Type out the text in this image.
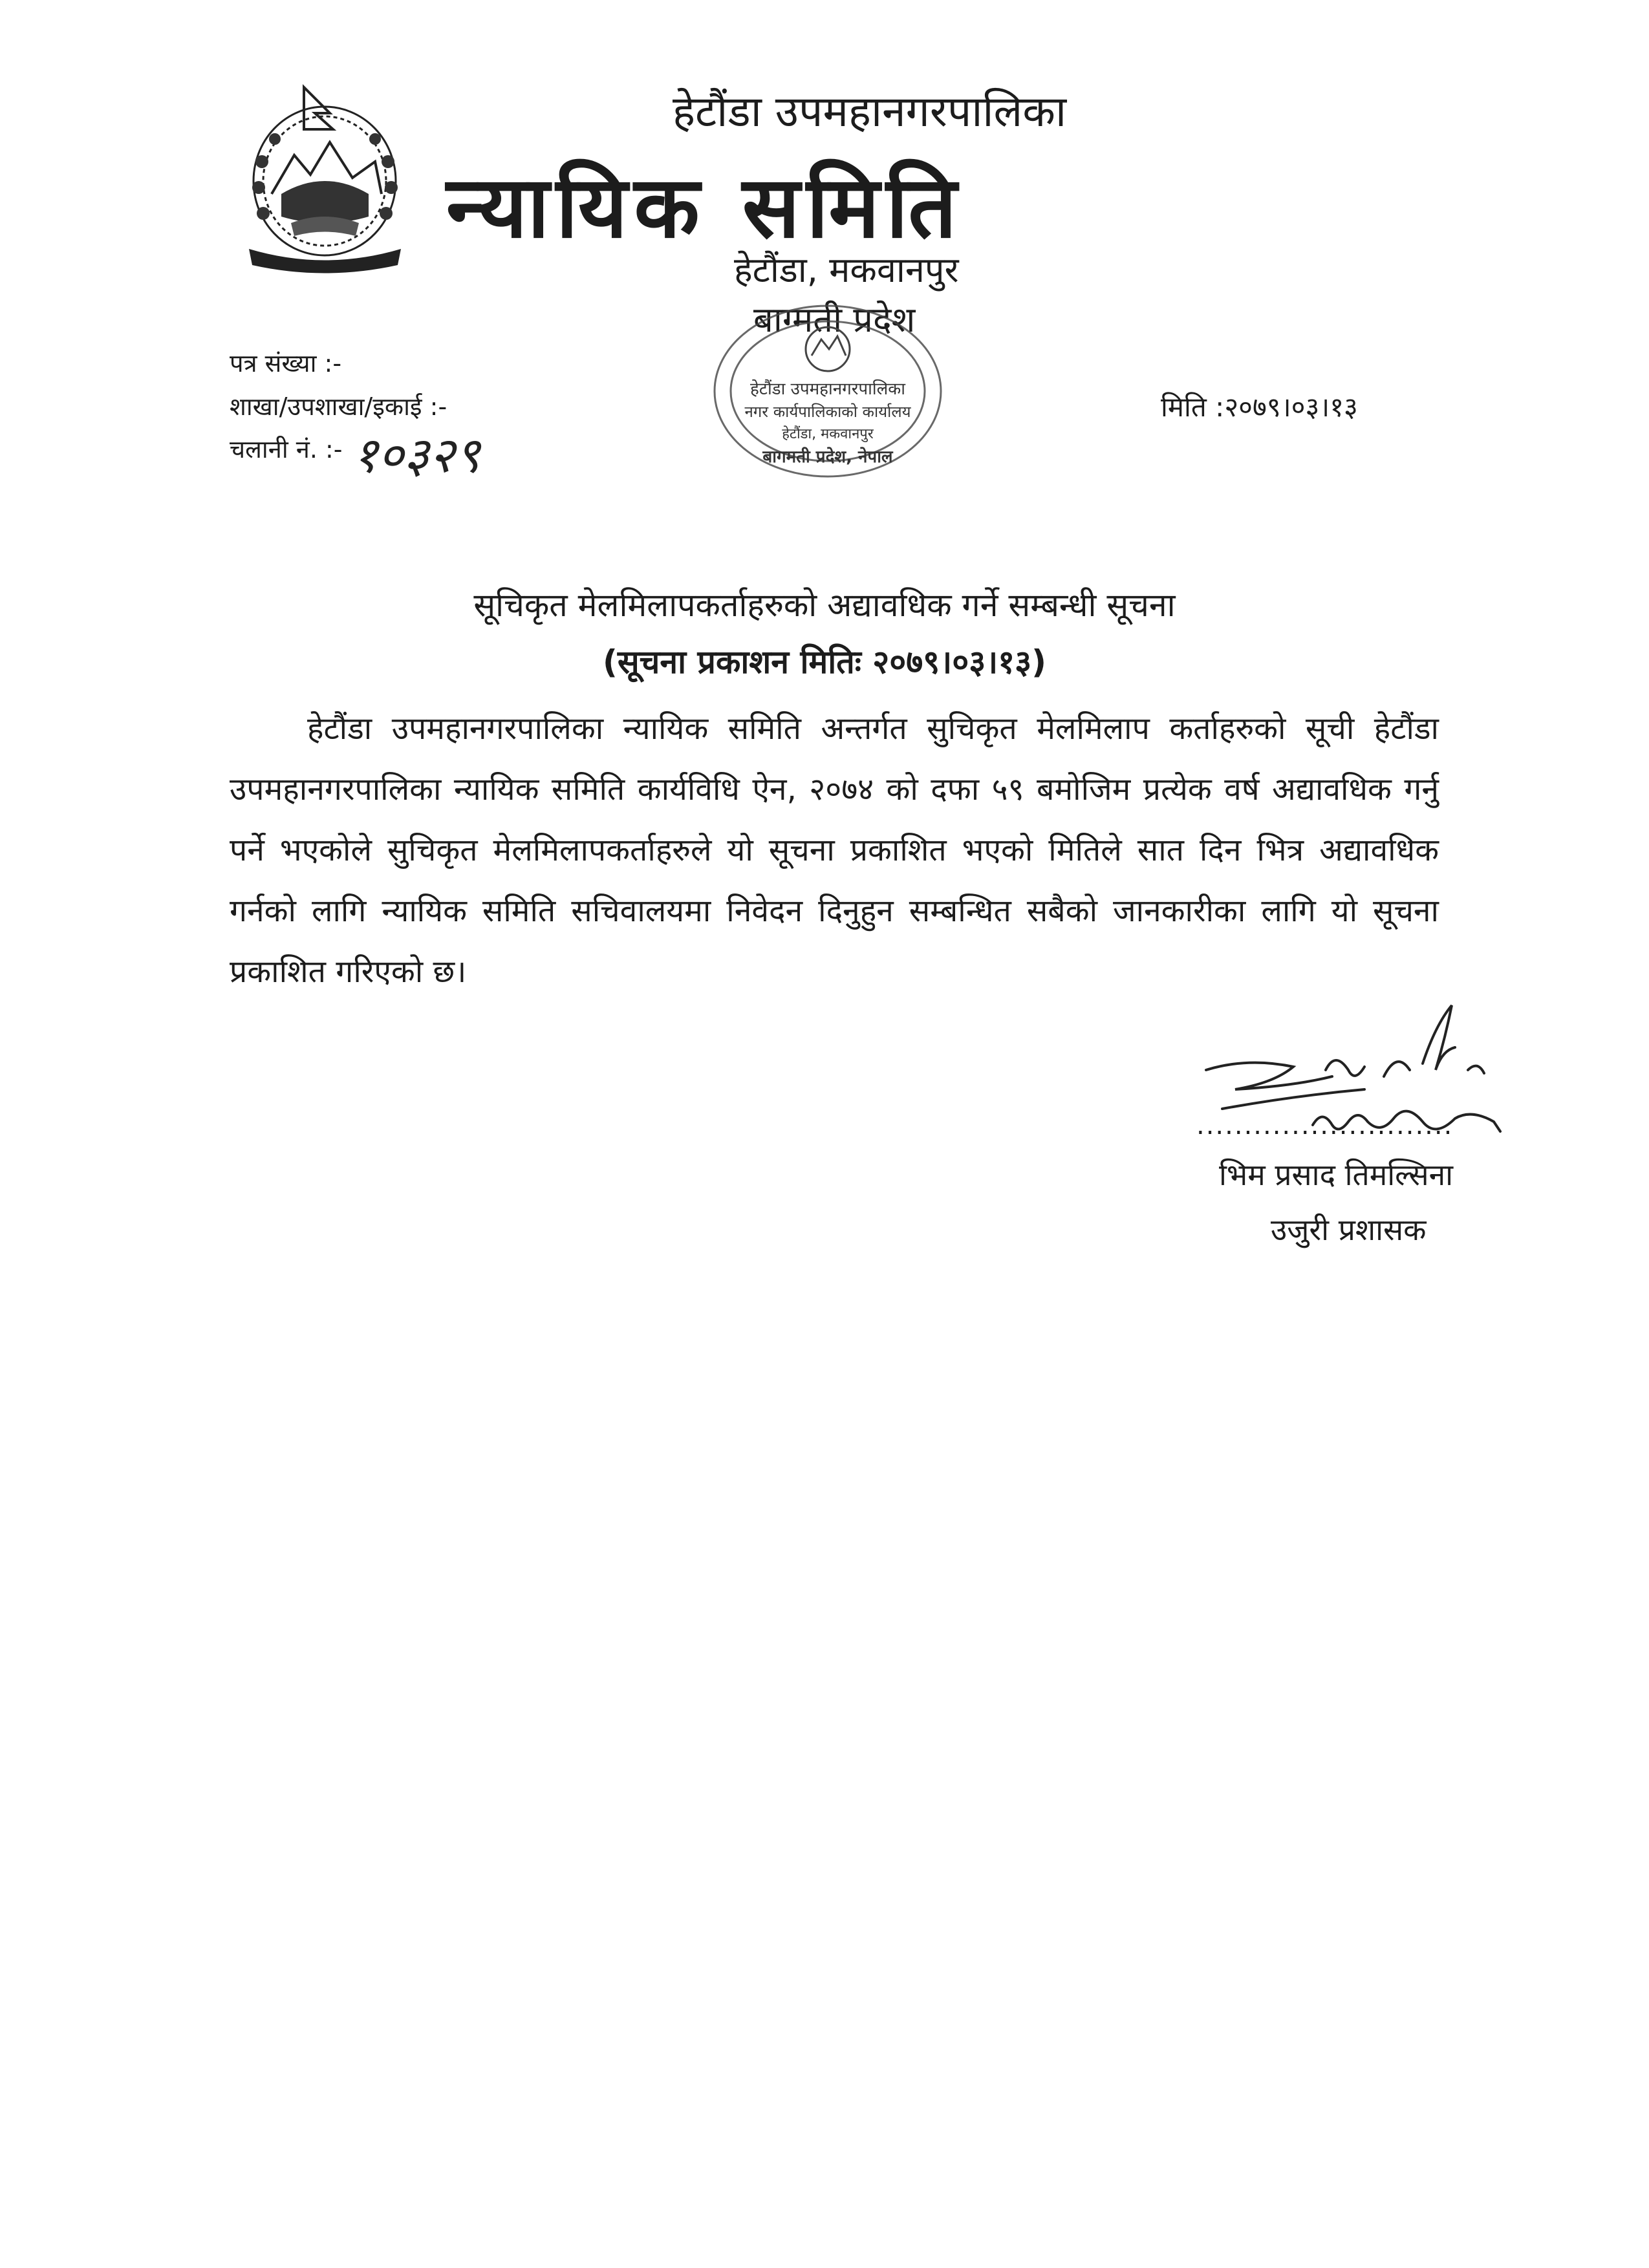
हेटौंडा उपमहानगरपालिका
न्यायिक समिति
हेटौंडा, मकवानपुर
बाग्मती प्रदेश
हेटौंडा उपमहानगरपालिका
नगर कार्यपालिकाको कार्यालय
हेटौंडा, मकवानपुर
बागमती प्रदेश, नेपाल
पत्र संख्या :-
शाखा/उपशाखा/इकाई :-
चलानी नं. :- १०३२९
मिति :२०७९।०३।१३
सूचिकृत मेलमिलापकर्ताहरुको अद्यावधिक गर्ने सम्बन्धी सूचना
(सूचना प्रकाशन मितिः २०७९।०३।१३)
हेटौंडा उपमहानगरपालिका न्यायिक समिति अन्तर्गत सुचिकृत मेलमिलाप कर्ताहरुको सूची हेटौंडा उपमहानगरपालिका न्यायिक समिति कार्यविधि ऐन, २०७४ को दफा ५९ बमोजिम प्रत्येक वर्ष अद्यावधिक गर्नु पर्ने भएकोले सुचिकृत मेलमिलापकर्ताहरुले यो सूचना प्रकाशित भएको मितिले सात दिन भित्र अद्यावधिक गर्नको लागि न्यायिक समिति सचिवालयमा निवेदन दिनुहुन सम्बन्धित सबैको जानकारीका लागि यो सूचना प्रकाशित गरिएको छ।
...........................
भिम प्रसाद तिमल्सिना
उजुरी प्रशासक
